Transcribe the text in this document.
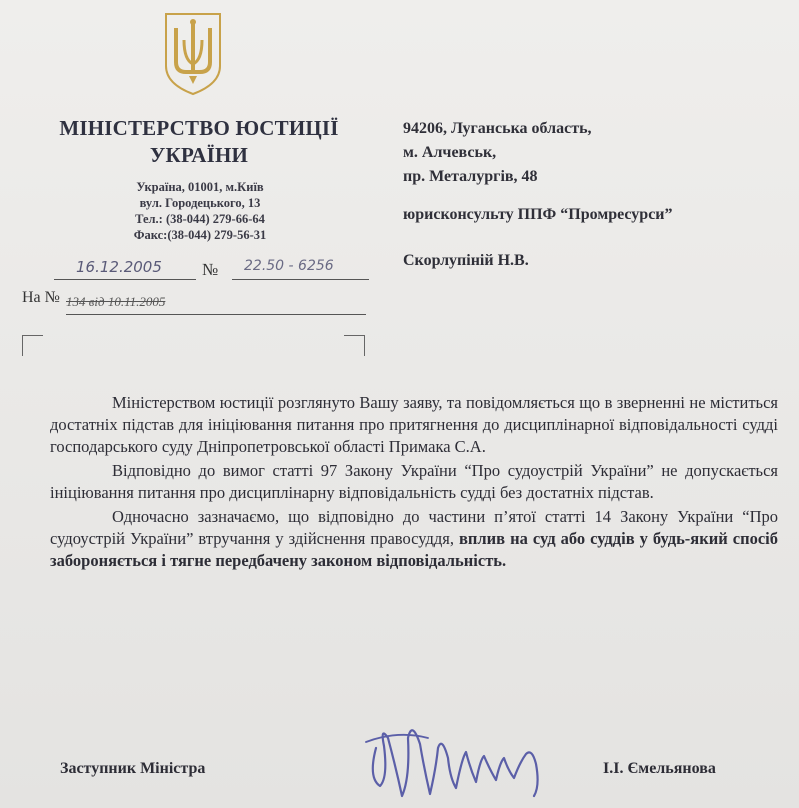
МІНІСТЕРСТВО ЮСТИЦІЇ
УКРАЇНИ
Україна, 01001, м.Київ
вул. Городецького, 13
Тел.: (38-044) 279-66-64
Факс:(38-044) 279-56-31
16.12.2005	№	22.50 - 6256
На № 134 від 10.11.2005
94206, Луганська область,
м. Алчевськ,
пр. Металургів, 48
юрисконсульту ППФ “Промресурси”
Скорлупіній Н.В.

Міністерством юстиції розглянуто Вашу заяву, та повідомляється що в зверненні не міститься достатніх підстав для ініціювання питання про притягнення до дисциплінарної відповідальності судді господарського суду Дніпропетровської області Примака С.А.

Відповідно до вимог статті 97 Закону України “Про судоустрій України” не допускається ініціювання питання про дисциплінарну відповідальність судді без достатніх підстав.

Одночасно зазначаємо, що відповідно до частини п’ятої статті 14 Закону України “Про судоустрій України” втручання у здійснення правосуддя, вплив на суд або суддів у будь-який спосіб забороняється і тягне передбачену законом відповідальність.

Заступник Міністра	І.І. Ємельянова
